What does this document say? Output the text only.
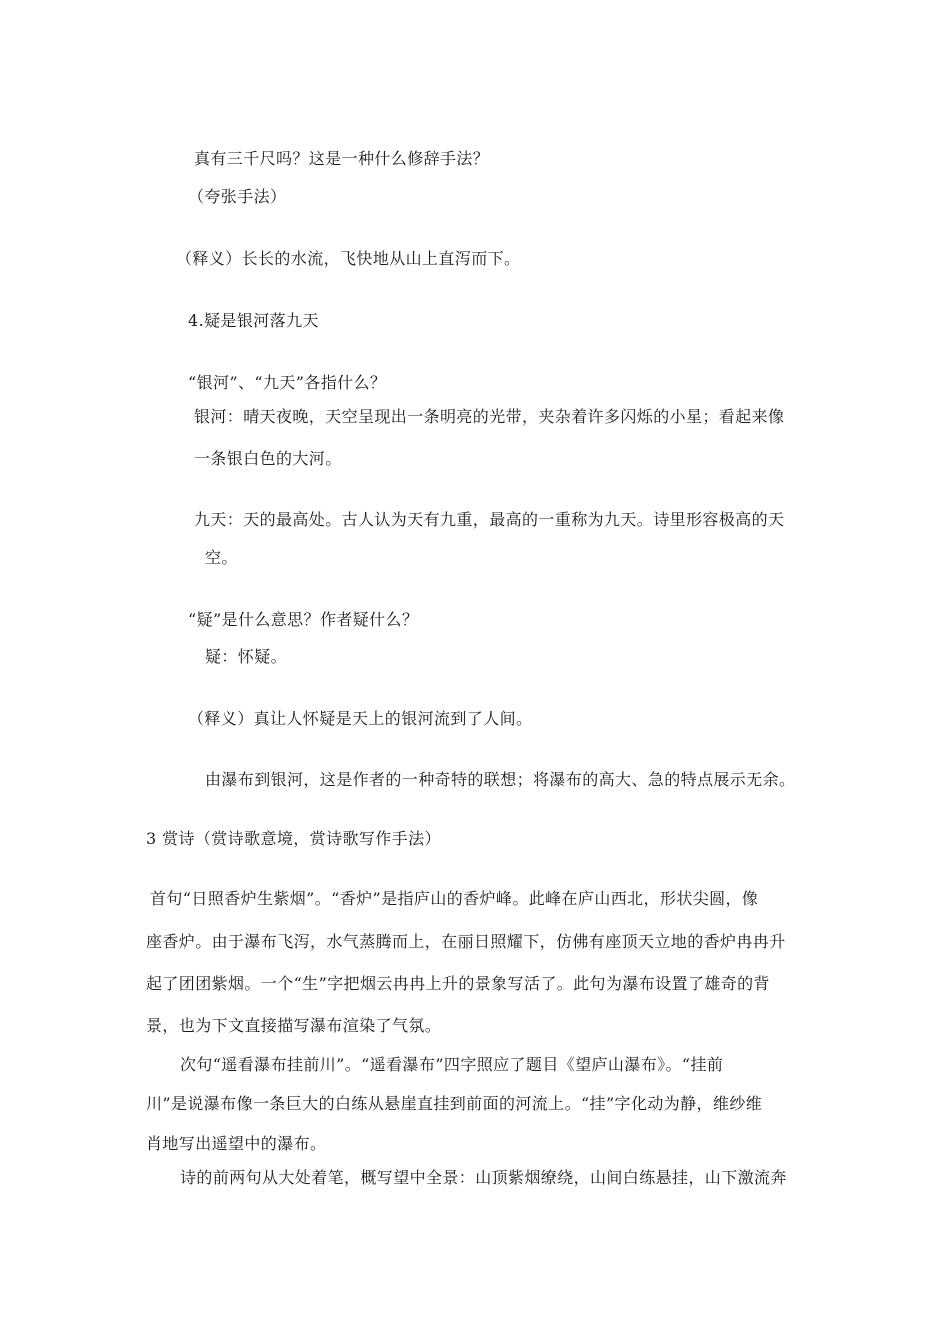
真有三千尺吗？这是一种什么修辞手法？
（夸张手法）
（释义）长长的水流，飞快地从山上直泻而下。
4.疑是银河落九天
“银河”、“九天”各指什么？
银河：晴天夜晚，天空呈现出一条明亮的光带，夹杂着许多闪烁的小星；看起来像
一条银白色的大河。
九天：天的最高处。古人认为天有九重，最高的一重称为九天。诗里形容极高的天
空。
“疑”是什么意思？作者疑什么？
疑：怀疑。
（释义）真让人怀疑是天上的银河流到了人间。
由瀑布到银河，这是作者的一种奇特的联想；将瀑布的高大、急的特点展示无余。
3 赏诗（赏诗歌意境，赏诗歌写作手法）
首句“日照香炉生紫烟”。“香炉”是指庐山的香炉峰。此峰在庐山西北，形状尖圆，像
座香炉。由于瀑布飞泻，水气蒸腾而上，在丽日照耀下，仿佛有座顶天立地的香炉冉冉升
起了团团紫烟。一个“生”字把烟云冉冉上升的景象写活了。此句为瀑布设置了雄奇的背
景，也为下文直接描写瀑布渲染了气氛。
次句“遥看瀑布挂前川”。“遥看瀑布”四字照应了题目《望庐山瀑布》。“挂前
川”是说瀑布像一条巨大的白练从悬崖直挂到前面的河流上。“挂”字化动为静，维纱维
肖地写出遥望中的瀑布。
诗的前两句从大处着笔，概写望中全景：山顶紫烟缭绕，山间白练悬挂，山下激流奔
